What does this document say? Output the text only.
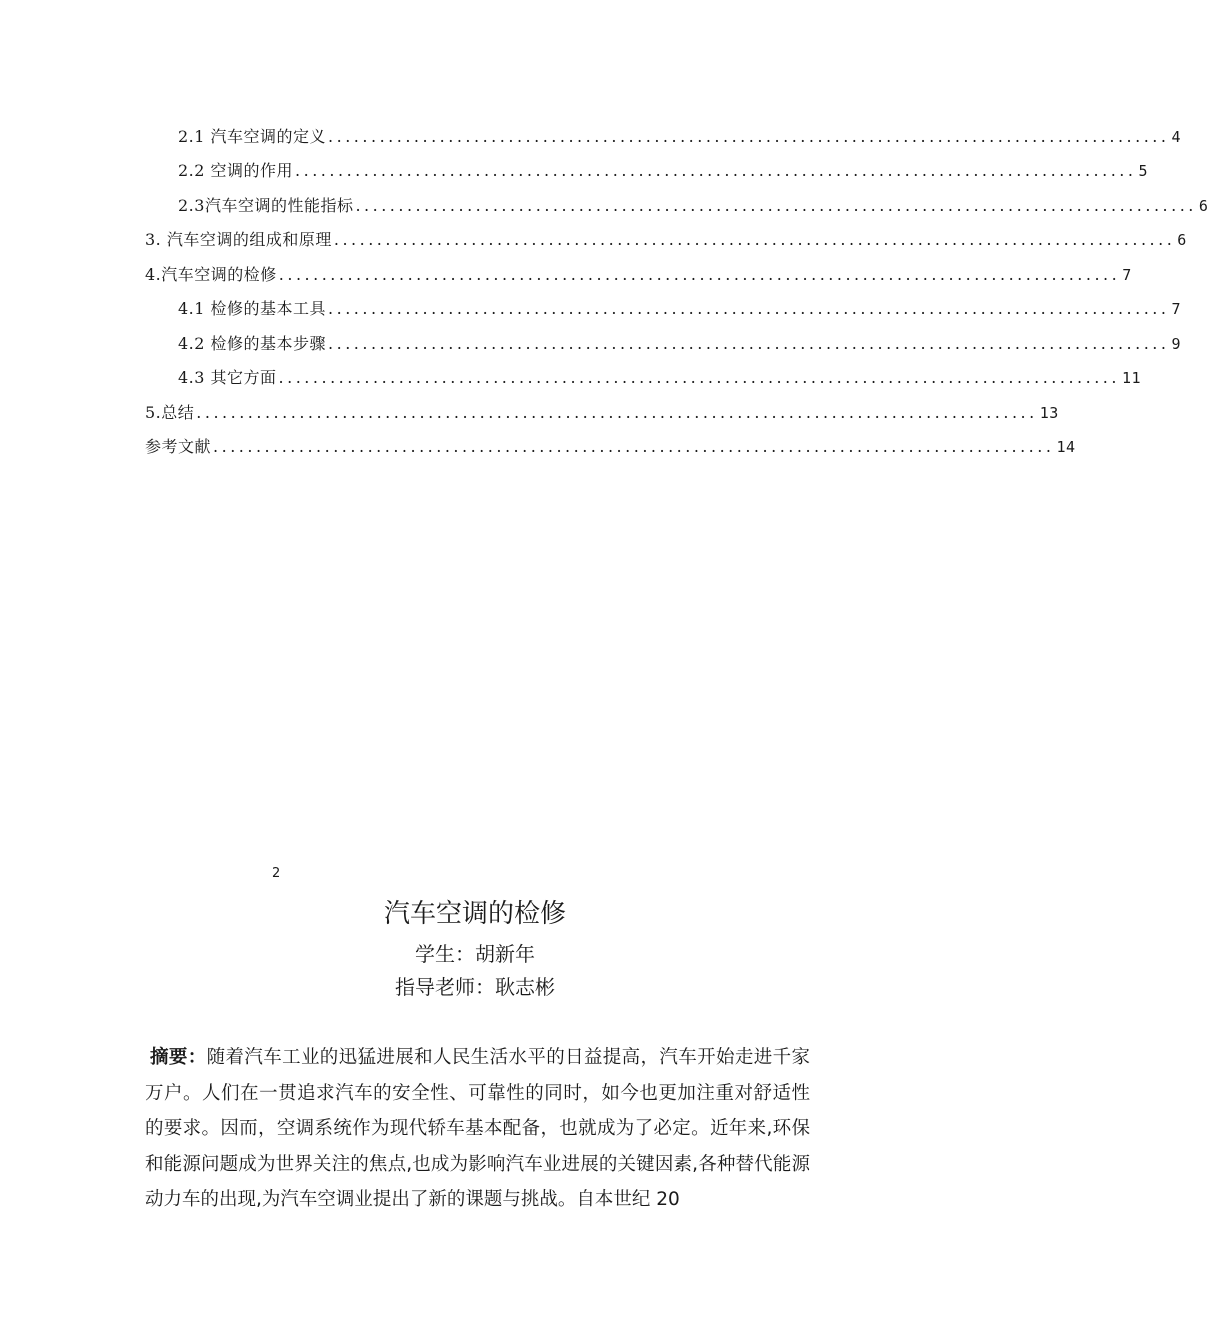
2.1 汽车空调的定义 .................................................................................................. 4
2.2 空调的作用 .................................................................................................. 5
2.3汽车空调的性能指标 .................................................................................................. 6
3. 汽车空调的组成和原理 .................................................................................................. 6
4.汽车空调的检修 .................................................................................................. 7
4.1 检修的基本工具 .................................................................................................. 7
4.2 检修的基本步骤 .................................................................................................. 9
4.3 其它方面 .................................................................................................. 11
5.总结 .................................................................................................. 13
参考文献 .................................................................................................. 14
2
汽车空调的检修
学生：胡新年
指导老师：耿志彬
摘要：随着汽车工业的迅猛进展和人民生活水平的日益提高，汽车开始走进千家万户。人们在一贯追求汽车的安全性、可靠性的同时，如今也更加注重对舒适性的要求。因而，空调系统作为现代轿车基本配备，也就成为了必定。近年来,环保和能源问题成为世界关注的焦点,也成为影响汽车业进展的关键因素,各种替代能源动力车的出现,为汽车空调业提出了新的课题与挑战。自本世纪 20
